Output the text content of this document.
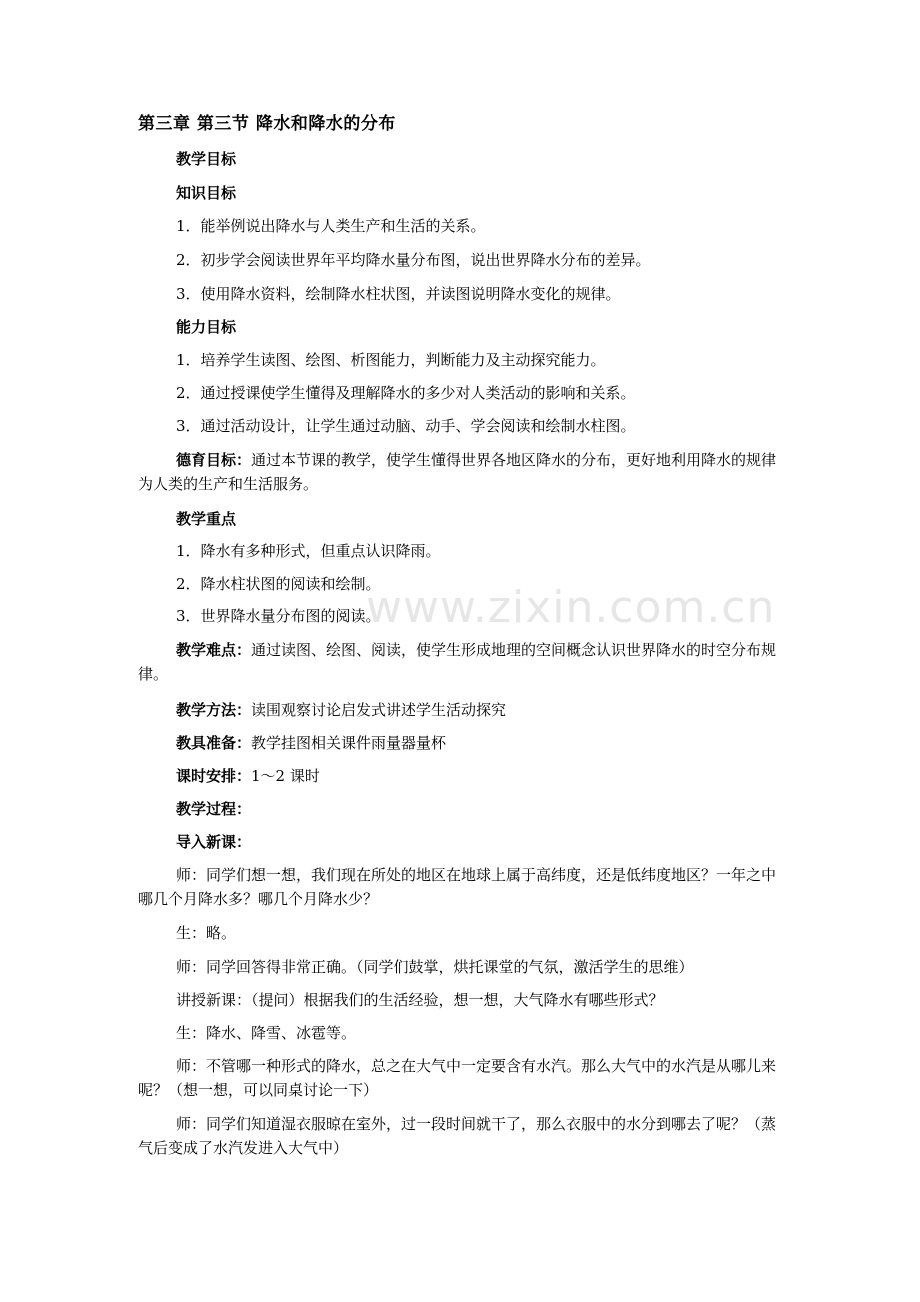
www.zixin.com.cn
第三章 第三节 降水和降水的分布
教学目标
知识目标
1．能举例说出降水与人类生产和生活的关系。
2．初步学会阅读世界年平均降水量分布图，说出世界降水分布的差异。
3．使用降水资料，绘制降水柱状图，并读图说明降水变化的规律。
能力目标
1．培养学生读图、绘图、析图能力，判断能力及主动探究能力。
2．通过授课使学生懂得及理解降水的多少对人类活动的影响和关系。
3．通过活动设计，让学生通过动脑、动手、学会阅读和绘制水柱图。
德育目标：通过本节课的教学，使学生懂得世界各地区降水的分布，更好地利用降水的规律为人类的生产和生活服务。
教学重点
1．降水有多种形式，但重点认识降雨。
2．降水柱状图的阅读和绘制。
3．世界降水量分布图的阅读。
教学难点：通过读图、绘图、阅读，使学生形成地理的空间概念认识世界降水的时空分布规律。
教学方法：读围观察讨论启发式讲述学生活动探究
教具准备：教学挂图相关课件雨量器量杯
课时安排：1～2 课时
教学过程：
导入新课：
师：同学们想一想，我们现在所处的地区在地球上属于高纬度，还是低纬度地区？一年之中哪几个月降水多？哪几个月降水少？
生：略。
师：同学回答得非常正确。（同学们鼓掌，烘托课堂的气氛，激活学生的思维）
讲授新课：（提问）根据我们的生活经验，想一想，大气降水有哪些形式？
生：降水、降雪、冰雹等。
师：不管哪一种形式的降水，总之在大气中一定要含有水汽。那么大气中的水汽是从哪儿来呢？（想一想，可以同桌讨论一下）
师：同学们知道湿衣服晾在室外，过一段时间就干了，那么衣服中的水分到哪去了呢？（蒸气后变成了水汽发进入大气中）
